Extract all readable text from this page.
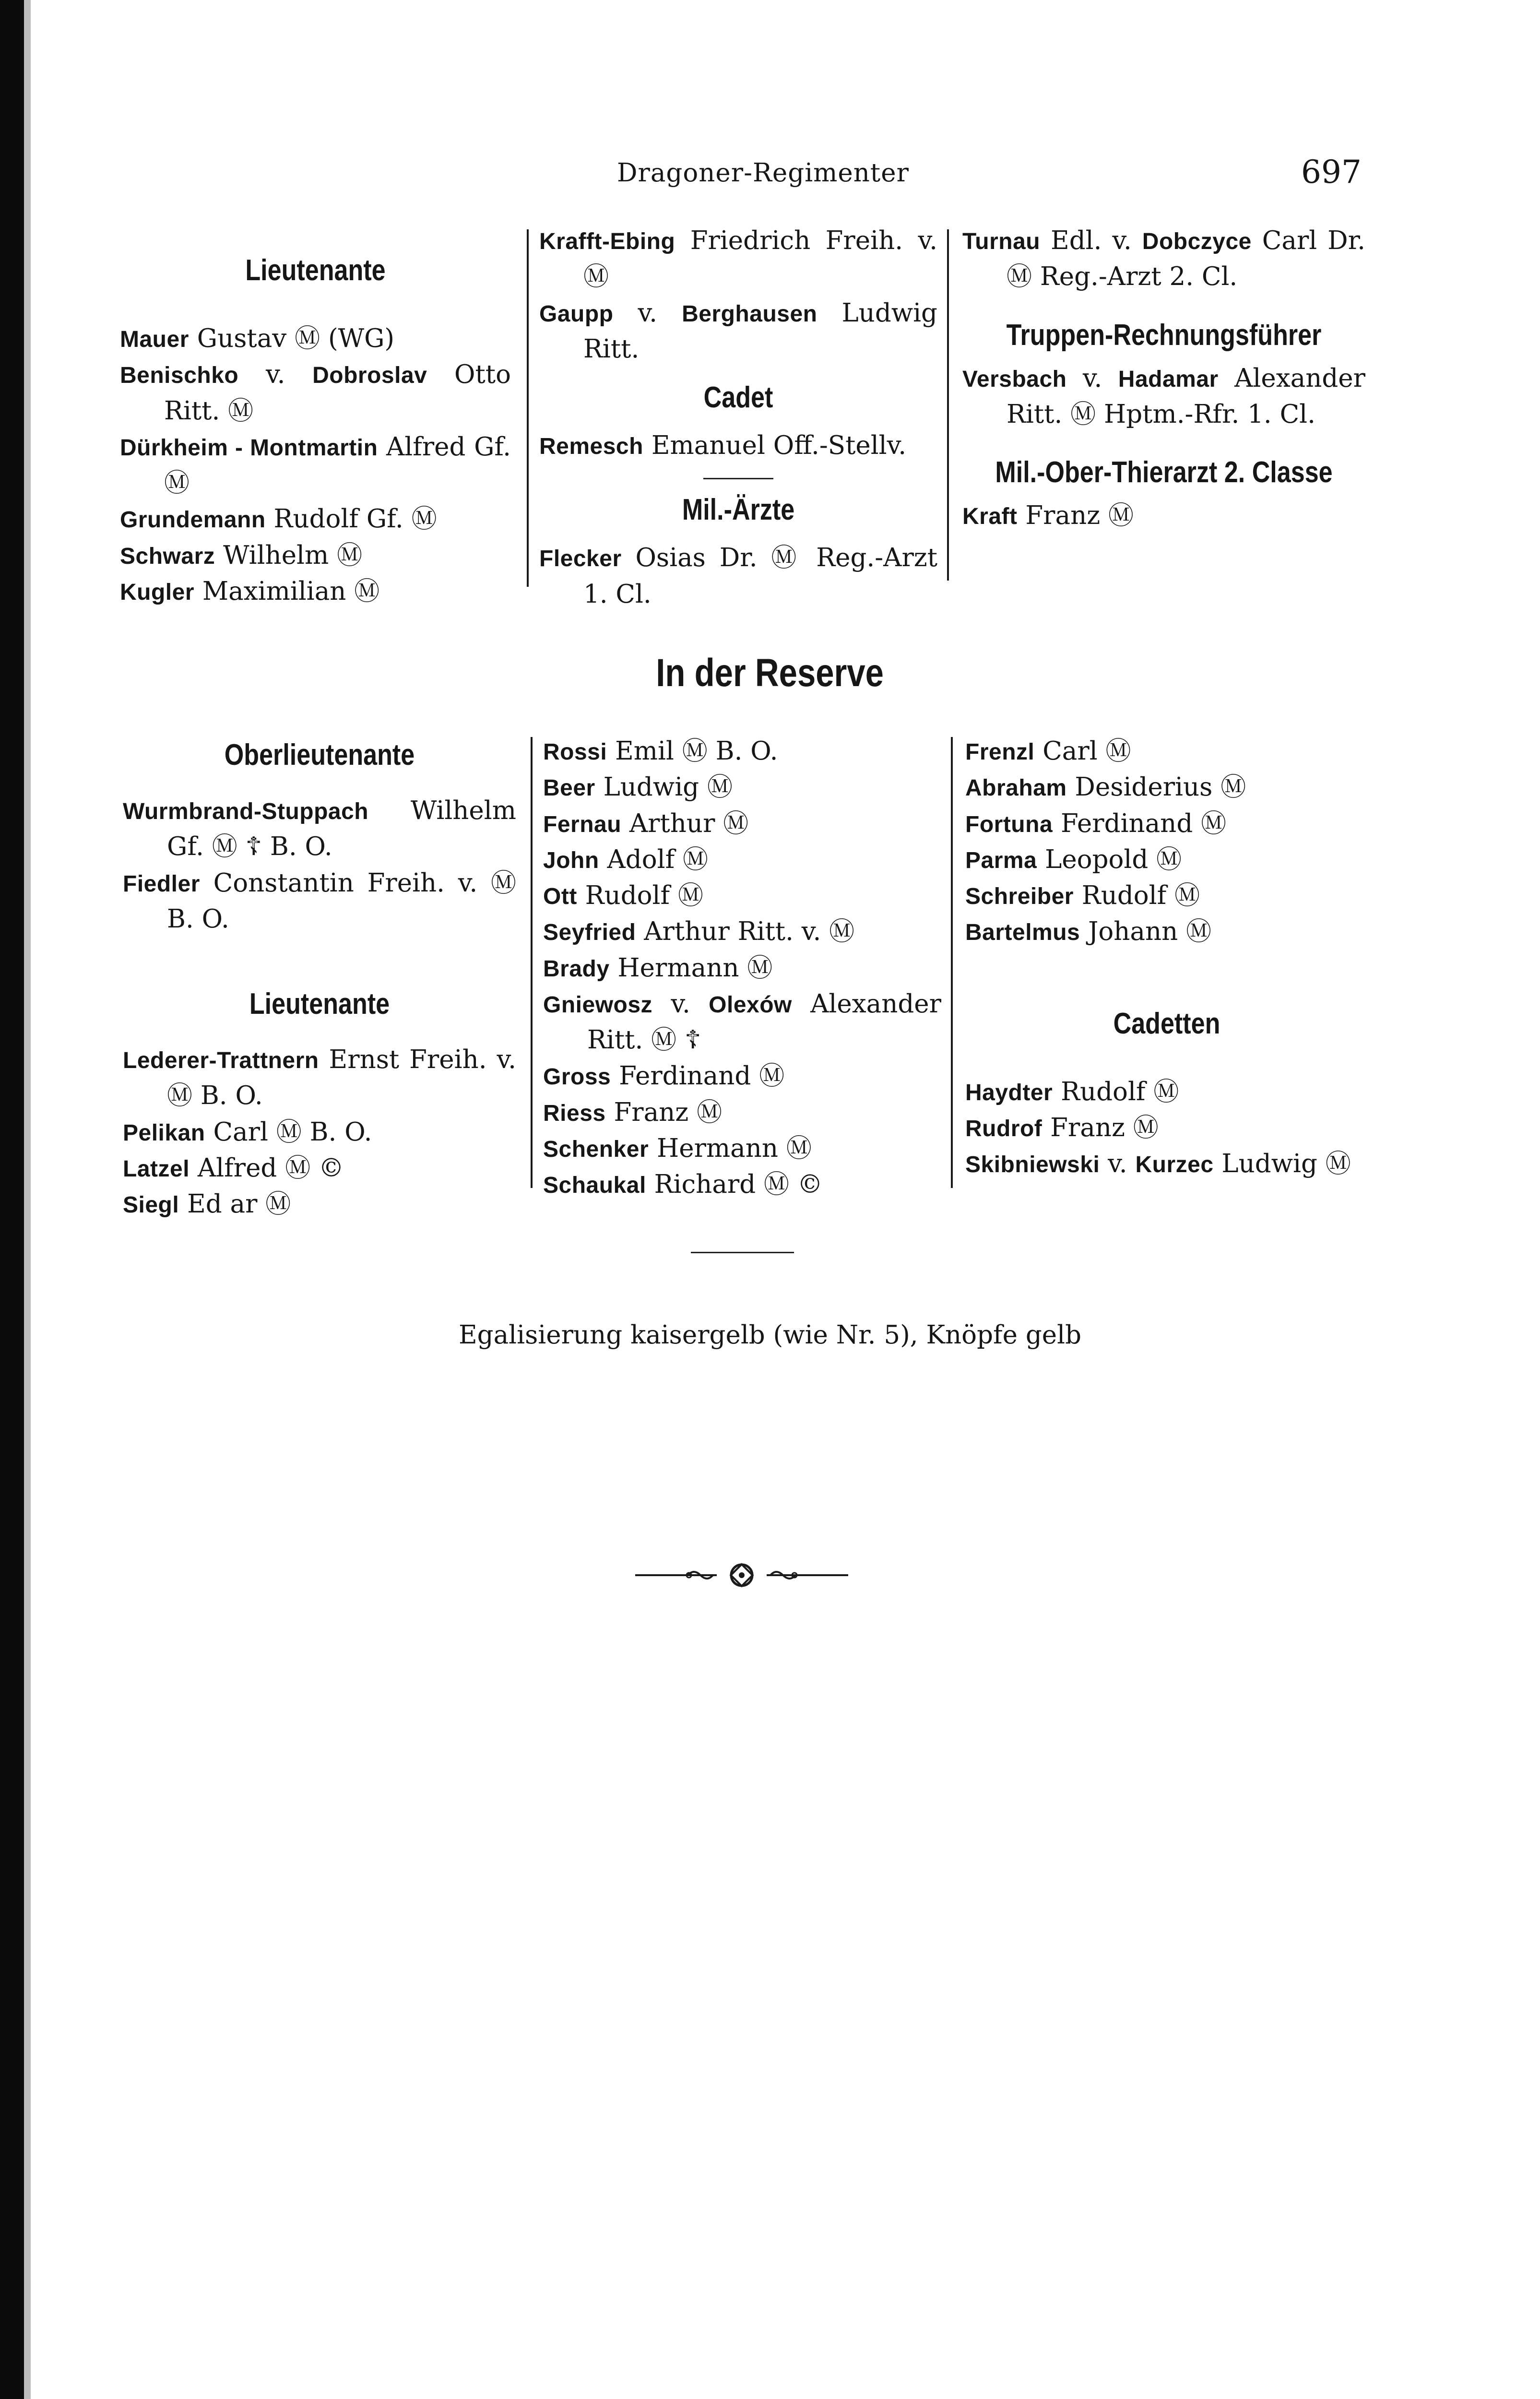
Dragoner-Regimenter	697
Lieutenante
Mauer Gustav Ⓜ (WG)
Benischko v. Dobroslav Otto Ritt. Ⓜ
Dürkheim - Montmartin Alfred Gf. Ⓜ
Grundemann Rudolf Gf. Ⓜ
Schwarz Wilhelm Ⓜ
Kugler Maximilian Ⓜ
Krafft-Ebing Friedrich Freih. v. Ⓜ
Gaupp v. Berghausen Ludwig Ritt.
Cadet
Remesch Emanuel Off.-Stellv.
Mil.-Ärzte
Flecker Osias Dr. Ⓜ Reg.-Arzt 1. Cl.
Turnau Edl. v. Dobczyce Carl Dr. Ⓜ Reg.-Arzt 2. Cl.
Truppen-Rechnungsführer
Versbach v. Hadamar Alexander Ritt. Ⓜ Hptm.-Rfr. 1. Cl.
Mil.-Ober-Thierarzt 2. Classe
Kraft Franz Ⓜ
In der Reserve
Oberlieutenante
Wurmbrand-Stuppach Wilhelm Gf. Ⓜ ☦ B. O.
Fiedler Constantin Freih. v. Ⓜ B. O.
Lieutenante
Lederer-Trattnern Ernst Freih. v. Ⓜ B. O.
Pelikan Carl Ⓜ B. O.
Latzel Alfred Ⓜ ©
Siegl Ed ar Ⓜ
Rossi Emil Ⓜ B. O.
Beer Ludwig Ⓜ
Fernau Arthur Ⓜ
John Adolf Ⓜ
Ott Rudolf Ⓜ
Seyfried Arthur Ritt. v. Ⓜ
Brady Hermann Ⓜ
Gniewosz v. Olexów Alexander Ritt. Ⓜ ☦
Gross Ferdinand Ⓜ
Riess Franz Ⓜ
Schenker Hermann Ⓜ
Schaukal Richard Ⓜ ©
Frenzl Carl Ⓜ
Abraham Desiderius Ⓜ
Fortuna Ferdinand Ⓜ
Parma Leopold Ⓜ
Schreiber Rudolf Ⓜ
Bartelmus Johann Ⓜ
Cadetten
Haydter Rudolf Ⓜ
Rudrof Franz Ⓜ
Skibniewski v. Kurzec Ludwig Ⓜ
Egalisierung kaisergelb (wie Nr. 5), Knöpfe gelb
